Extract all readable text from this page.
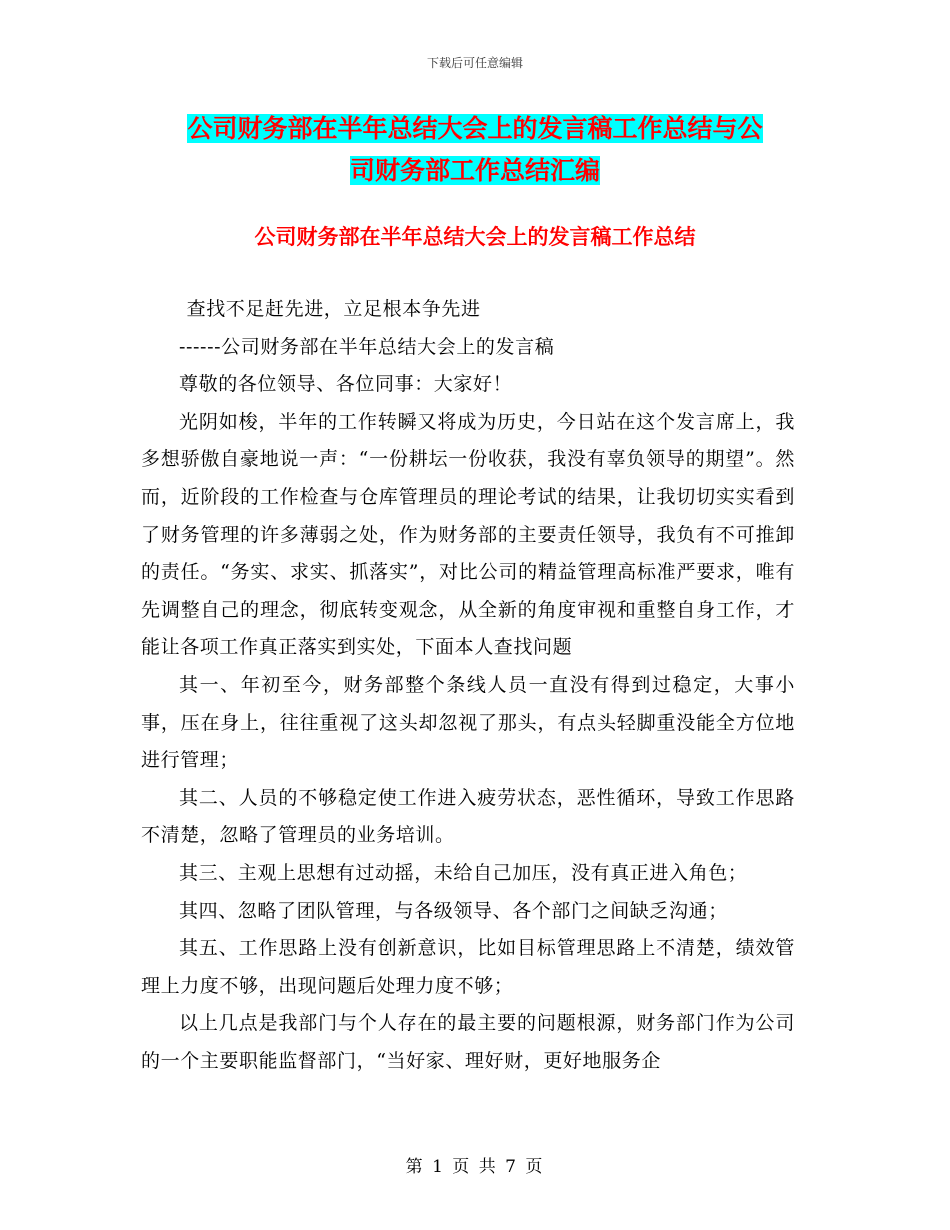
下载后可任意编辑
公司财务部在半年总结大会上的发言稿工作总结与公
司财务部工作总结汇编
公司财务部在半年总结大会上的发言稿工作总结

查找不足赶先进，立足根本争先进

------公司财务部在半年总结大会上的发言稿

尊敬的各位领导、各位同事：大家好！

光阴如梭，半年的工作转瞬又将成为历史，今日站在这个发言席上，我多想骄傲自豪地说一声：“一份耕坛一份收获，我没有辜负领导的期望”。然而，近阶段的工作检查与仓库管理员的理论考试的结果，让我切切实实看到了财务管理的许多薄弱之处，作为财务部的主要责任领导，我负有不可推卸的责任。“务实、求实、抓落实”，对比公司的精益管理高标准严要求，唯有先调整自己的理念，彻底转变观念，从全新的角度审视和重整自身工作，才能让各项工作真正落实到实处，下面本人查找问题

其一、年初至今，财务部整个条线人员一直没有得到过稳定，大事小事，压在身上，往往重视了这头却忽视了那头，有点头轻脚重没能全方位地进行管理；

其二、人员的不够稳定使工作进入疲劳状态，恶性循环，导致工作思路不清楚，忽略了管理员的业务培训。

其三、主观上思想有过动摇，未给自己加压，没有真正进入角色；

其四、忽略了团队管理，与各级领导、各个部门之间缺乏沟通；

其五、工作思路上没有创新意识，比如目标管理思路上不清楚，绩效管理上力度不够，出现问题后处理力度不够；

以上几点是我部门与个人存在的最主要的问题根源，财务部门作为公司的一个主要职能监督部门，“当好家、理好财，更好地服务企

第 1 页 共 7 页
